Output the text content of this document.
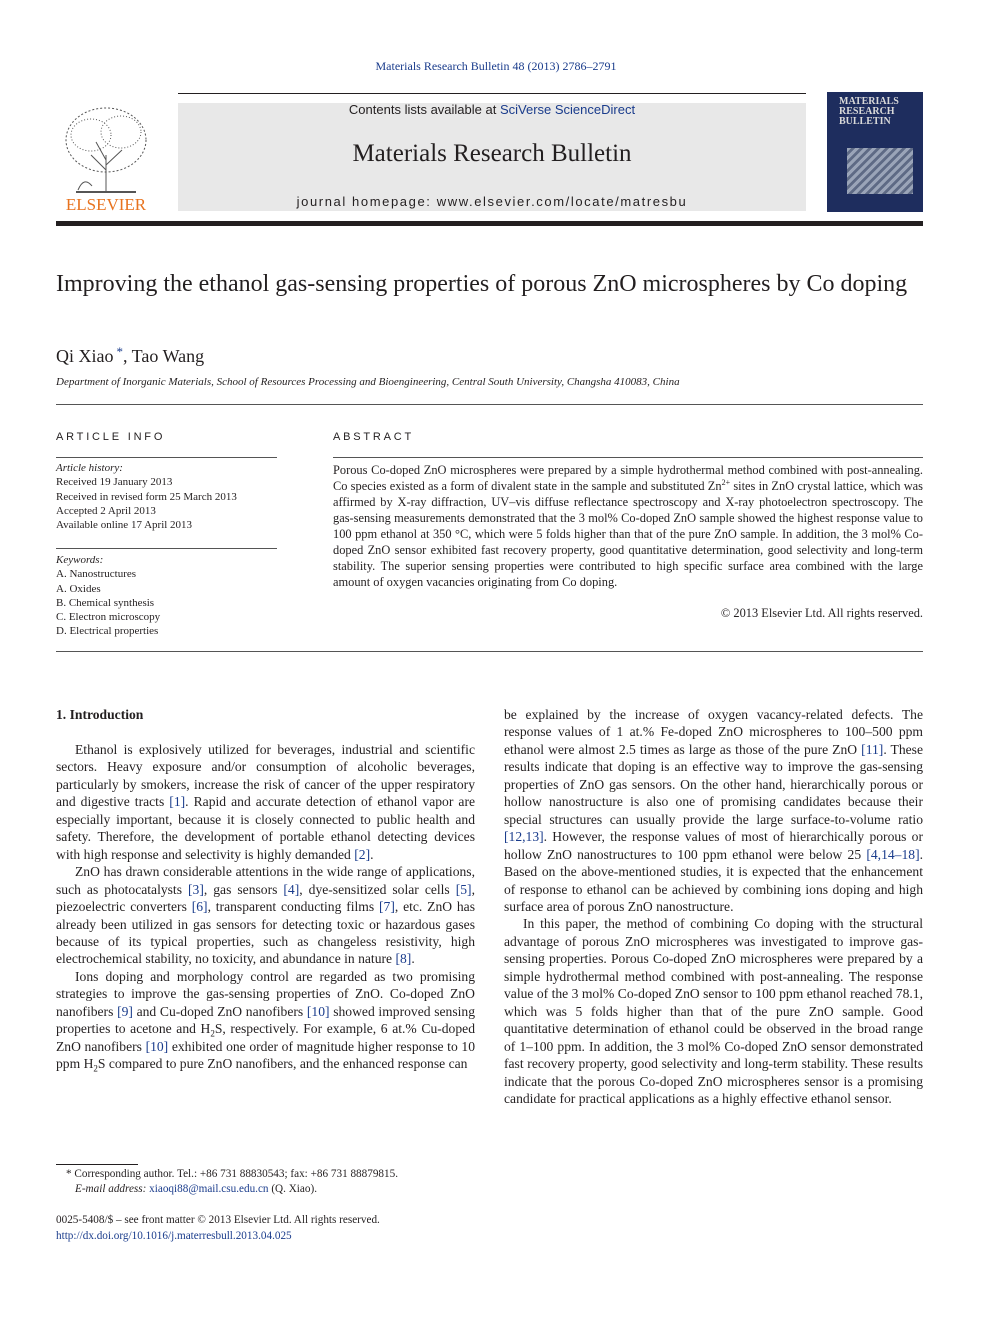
Materials Research Bulletin 48 (2013) 2786–2791
ELSEVIER
Contents lists available at SciVerse ScienceDirect
Materials Research Bulletin
journal homepage: www.elsevier.com/locate/matresbu
MATERIALS
RESEARCH
BULLETIN
Improving the ethanol gas-sensing properties of porous ZnO microspheres by Co doping
Qi Xiao *, Tao Wang
Department of Inorganic Materials, School of Resources Processing and Bioengineering, Central South University, Changsha 410083, China
ARTICLE INFO
Article history:
Received 19 January 2013
Received in revised form 25 March 2013
Accepted 2 April 2013
Available online 17 April 2013
Keywords:
A. Nanostructures
A. Oxides
B. Chemical synthesis
C. Electron microscopy
D. Electrical properties
ABSTRACT
Porous Co-doped ZnO microspheres were prepared by a simple hydrothermal method combined with post-annealing. Co species existed as a form of divalent state in the sample and substituted $Zn^{2+}$ sites in ZnO crystal lattice, which was affirmed by X-ray diffraction, UV–vis diffuse reflectance spectroscopy and X-ray photoelectron spectroscopy. The gas-sensing measurements demonstrated that the 3 mol% Co-doped ZnO sample showed the highest response value to 100 ppm ethanol at 350 °C, which were 5 folds higher than that of the pure ZnO sample. In addition, the 3 mol% Co-doped ZnO sensor exhibited fast recovery property, good quantitative determination, good selectivity and long-term stability. The superior sensing properties were contributed to high specific surface area combined with the large amount of oxygen vacancies originating from Co doping.
© 2013 Elsevier Ltd. All rights reserved.
1. Introduction

Ethanol is explosively utilized for beverages, industrial and scientific sectors. Heavy exposure and/or consumption of alcoholic beverages, particularly by smokers, increase the risk of cancer of the upper respiratory and digestive tracts [1]. Rapid and accurate detection of ethanol vapor are especially important, because it is closely connected to public health and safety. Therefore, the development of portable ethanol detecting devices with high response and selectivity is highly demanded [2].

ZnO has drawn considerable attentions in the wide range of applications, such as photocatalysts [3], gas sensors [4], dye-sensitized solar cells [5], piezoelectric converters [6], transparent conducting films [7], etc. ZnO has already been utilized in gas sensors for detecting toxic or hazardous gases because of its typical properties, such as changeless resistivity, high electrochemical stability, no toxicity, and abundance in nature [8].

Ions doping and morphology control are regarded as two promising strategies to improve the gas-sensing properties of ZnO. Co-doped ZnO nanofibers [9] and Cu-doped ZnO nanofibers [10] showed improved sensing properties to acetone and $H_2S$, respectively. For example, 6 at.% Cu-doped ZnO nanofibers [10] exhibited one order of magnitude higher response to 10 ppm $H_2S$ compared to pure ZnO nanofibers, and the enhanced response can

be explained by the increase of oxygen vacancy-related defects. The response values of 1 at.% Fe-doped ZnO microspheres to 100–500 ppm ethanol were almost 2.5 times as large as those of the pure ZnO [11]. These results indicate that doping is an effective way to improve the gas-sensing properties of ZnO gas sensors. On the other hand, hierarchically porous or hollow nanostructure is also one of promising candidates because their special structures can usually provide the large surface-to-volume ratio [12,13]. However, the response values of most of hierarchically porous or hollow ZnO nanostructures to 100 ppm ethanol were below 25 [4,14–18]. Based on the above-mentioned studies, it is expected that the enhancement of response to ethanol can be achieved by combining ions doping and high surface area of porous ZnO nanostructure.

In this paper, the method of combining Co doping with the structural advantage of porous ZnO microspheres was investigated to improve gas-sensing properties. Porous Co-doped ZnO microspheres were prepared by a simple hydrothermal method combined with post-annealing. The response value of the 3 mol% Co-doped ZnO sensor to 100 ppm ethanol reached 78.1, which was 5 folds higher than that of the pure ZnO sample. Good quantitative determination of ethanol could be observed in the broad range of 1–100 ppm. In addition, the 3 mol% Co-doped ZnO sensor demonstrated fast recovery property, good selectivity and long-term stability. These results indicate that the porous Co-doped ZnO microspheres sensor is a promising candidate for practical applications as a highly effective ethanol sensor.

* Corresponding author. Tel.: +86 731 88830543; fax: +86 731 88879815.
E-mail address: xiaoqi88@mail.csu.edu.cn (Q. Xiao).
0025-5408/$ – see front matter © 2013 Elsevier Ltd. All rights reserved.
http://dx.doi.org/10.1016/j.materresbull.2013.04.025
